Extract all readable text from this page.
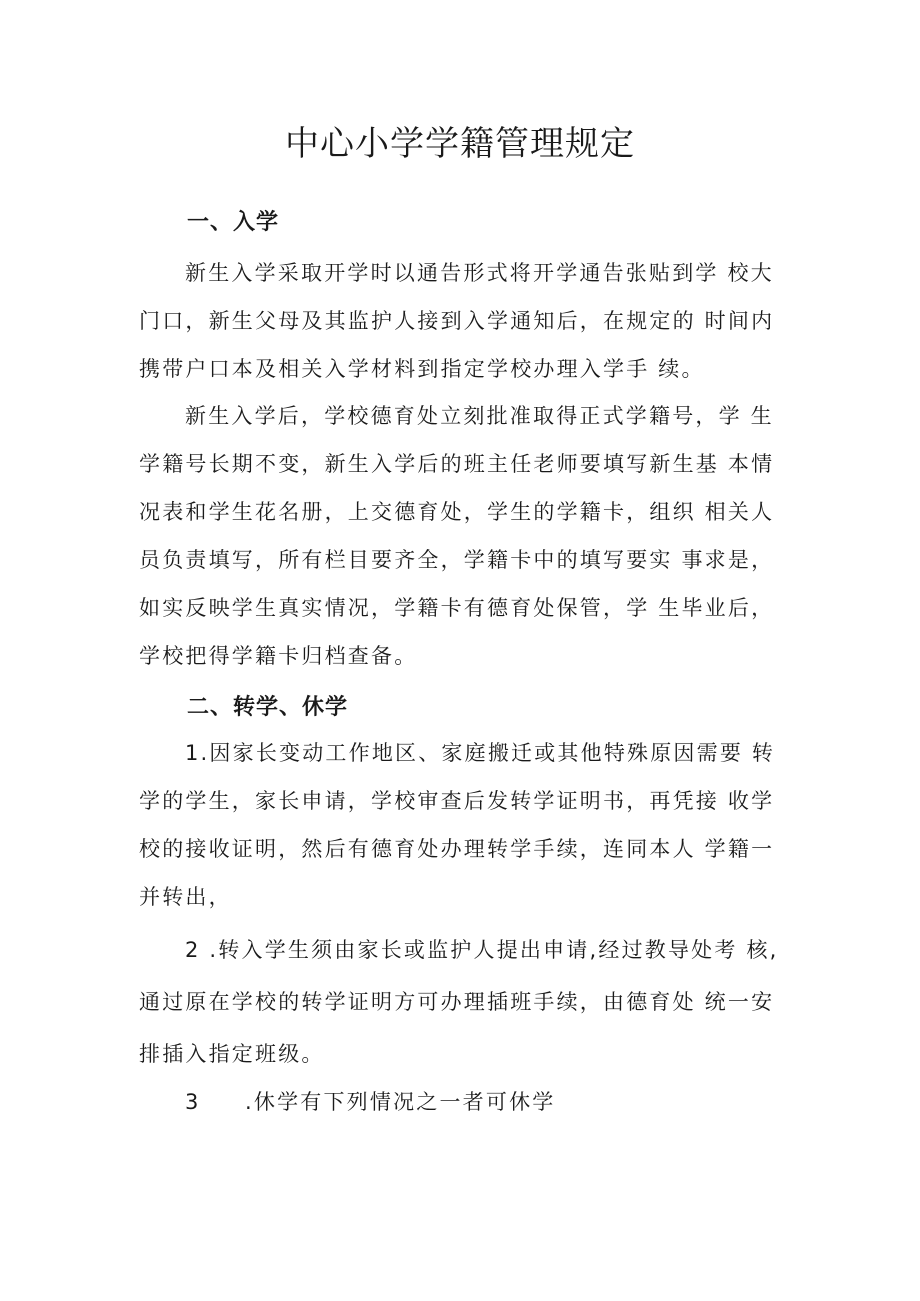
中心小学学籍管理规定
一、入学
新生入学采取开学时以通告形式将开学通告张贴到学 校大
门口，新生父母及其监护人接到入学通知后，在规定的 时间内
携带户口本及相关入学材料到指定学校办理入学手 续。
新生入学后，学校德育处立刻批准取得正式学籍号，学 生
学籍号长期不变，新生入学后的班主任老师要填写新生基 本情
况表和学生花名册，上交德育处，学生的学籍卡，组织 相关人
员负责填写，所有栏目要齐全，学籍卡中的填写要实 事求是，
如实反映学生真实情况，学籍卡有德育处保管，学 生毕业后，
学校把得学籍卡归档查备。
二、转学、休学
1.因家长变动工作地区、家庭搬迁或其他特殊原因需要 转
学的学生，家长申请，学校审查后发转学证明书，再凭接 收学
校的接收证明，然后有德育处办理转学手续，连同本人 学籍一
并转出，
2 .转入学生须由家长或监护人提出申请,经过教导处考 核,
通过原在学校的转学证明方可办理插班手续，由德育处 统一安
排插入指定班级。
3 .休学有下列情况之一者可休学
